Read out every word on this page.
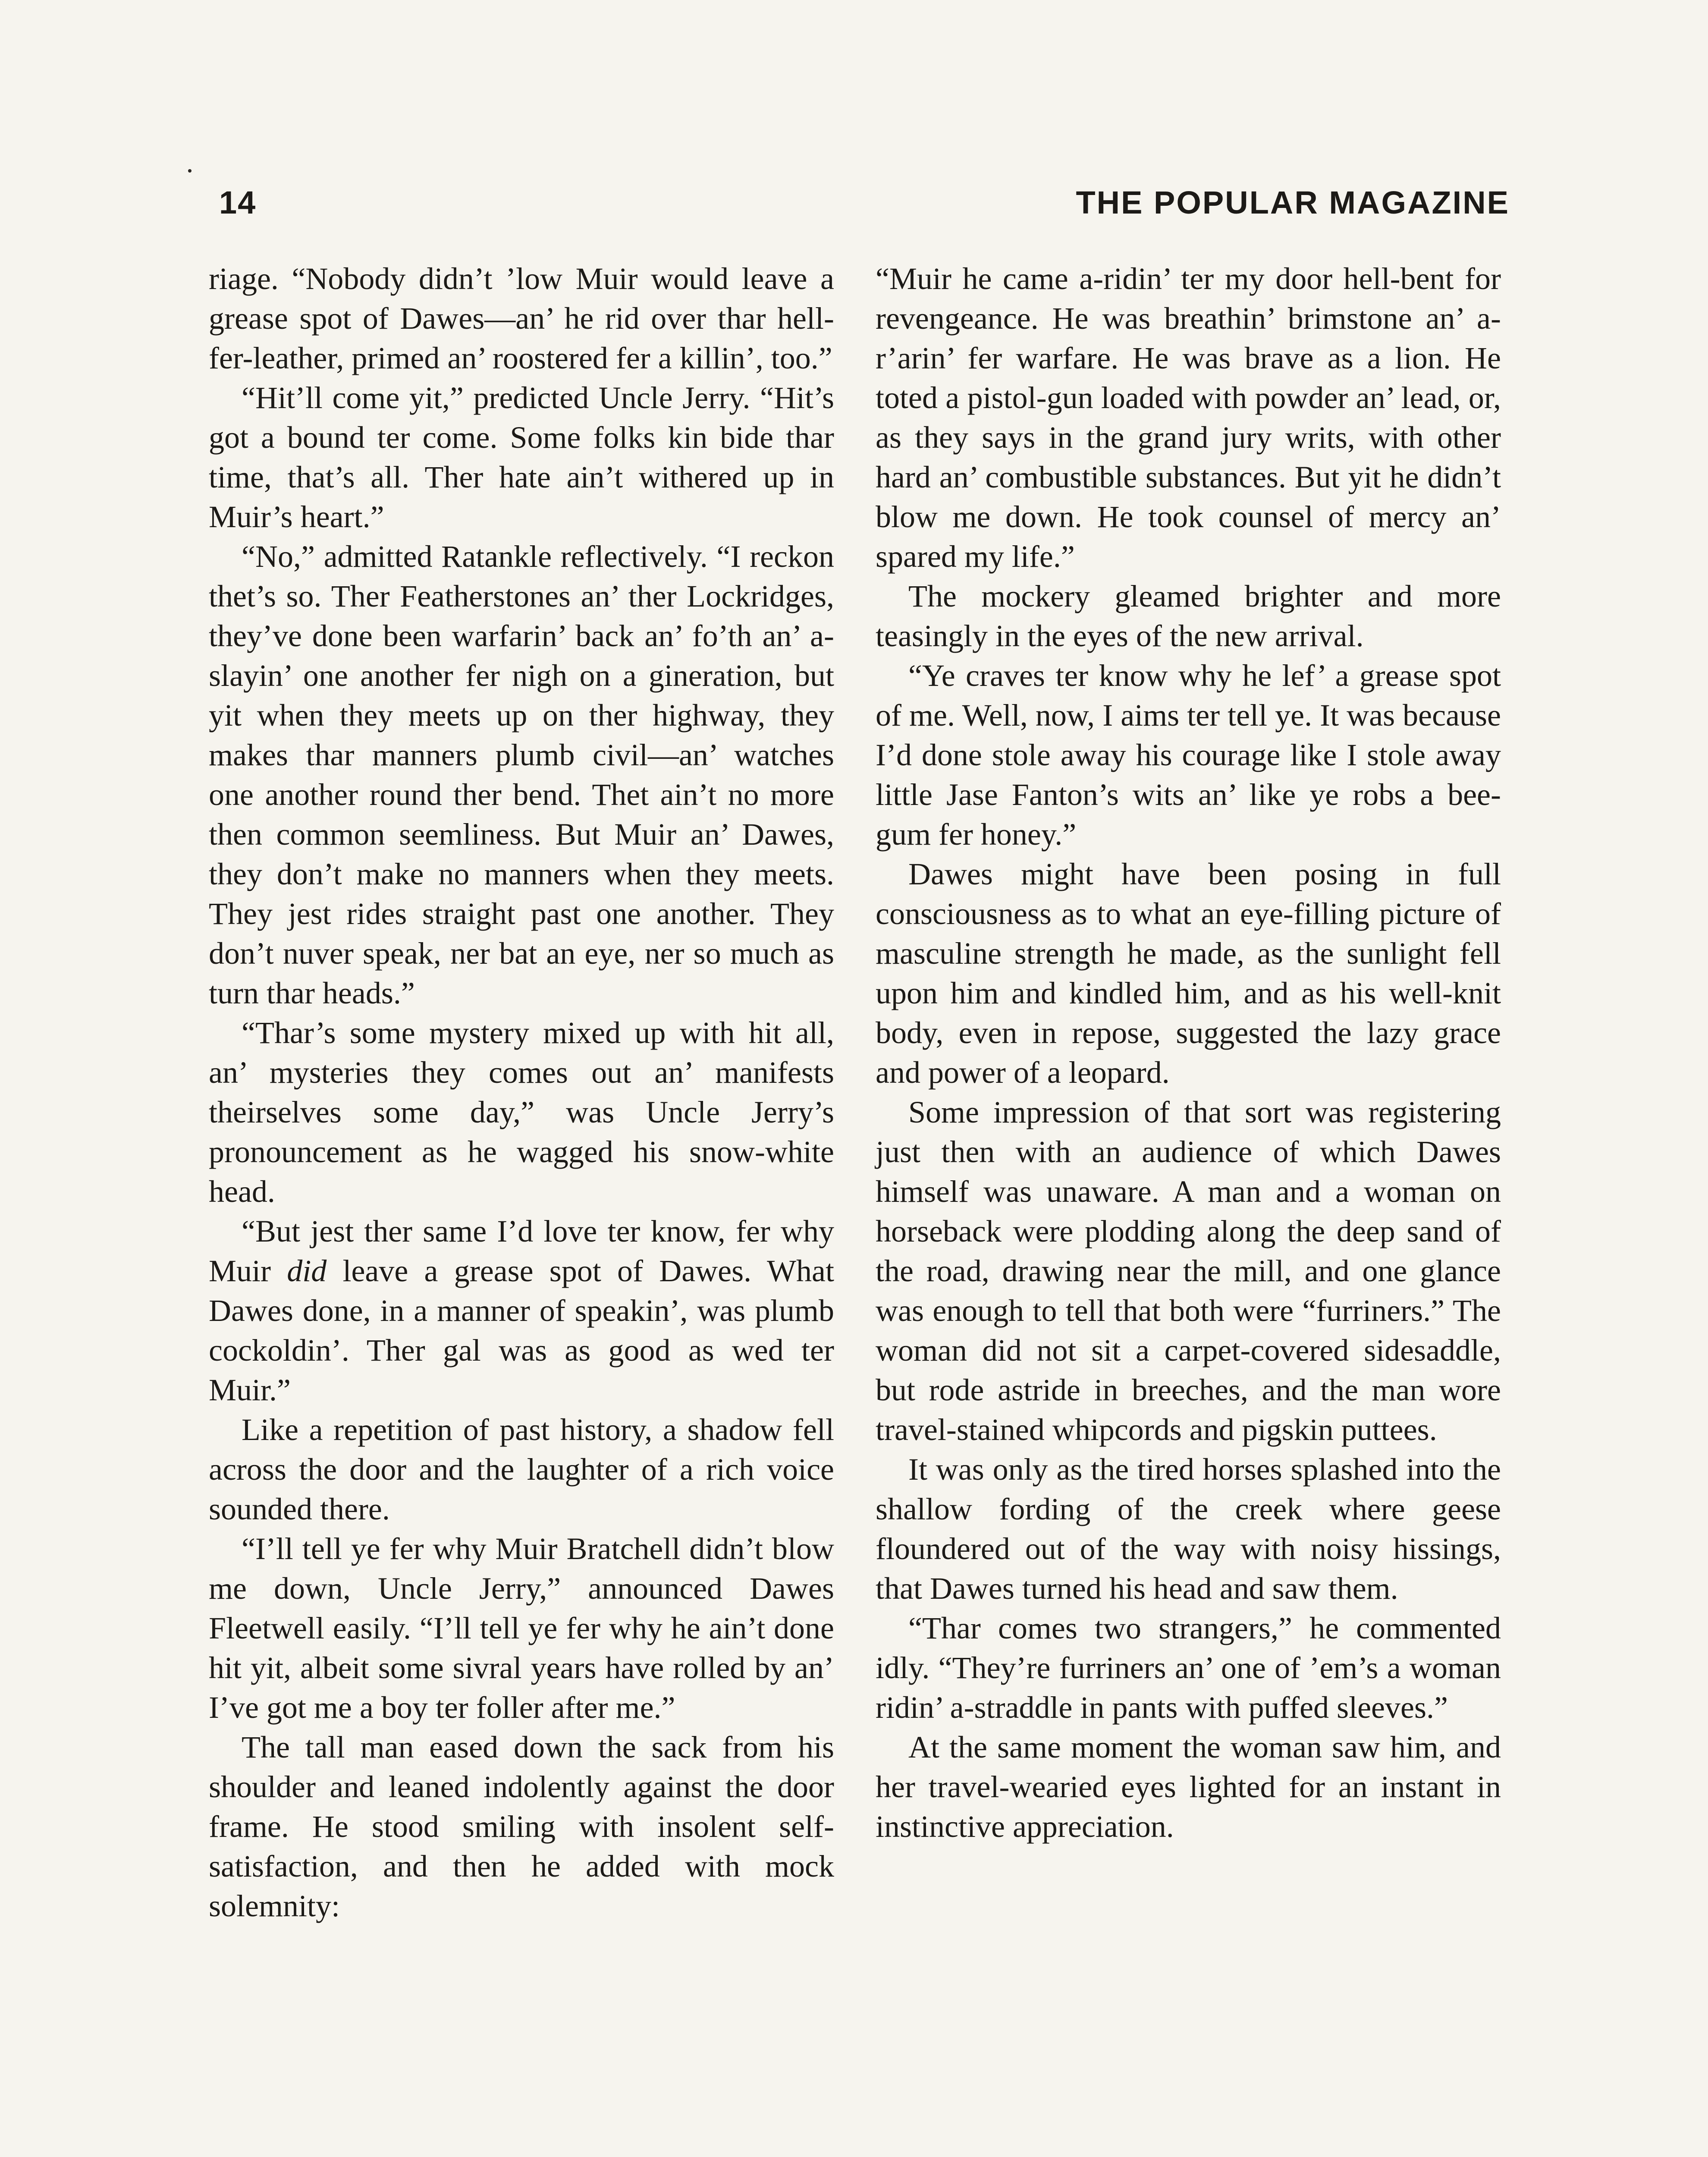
14	THE POPULAR MAGAZINE

riage. “Nobody didn’t ’low Muir would leave a grease spot of Dawes—an’ he rid over thar hell-fer-leather, primed an’ roostered fer a killin’, too.”

“Hit’ll come yit,” predicted Uncle Jerry. “Hit’s got a bound ter come. Some folks kin bide thar time, that’s all. Ther hate ain’t withered up in Muir’s heart.”

“No,” admitted Ratankle reflectively. “I reckon thet’s so. Ther Featherstones an’ ther Lockridges, they’ve done been warfarin’ back an’ fo’th an’ a-slayin’ one another fer nigh on a gineration, but yit when they meets up on ther highway, they makes thar manners plumb civil—an’ watches one another round ther bend. Thet ain’t no more then common seemliness. But Muir an’ Dawes, they don’t make no manners when they meets. They jest rides straight past one another. They don’t nuver speak, ner bat an eye, ner so much as turn thar heads.”

“Thar’s some mystery mixed up with hit all, an’ mysteries they comes out an’ manifests theirselves some day,” was Uncle Jerry’s pronouncement as he wagged his snow-white head.

“But jest ther same I’d love ter know, fer why Muir did leave a grease spot of Dawes. What Dawes done, in a manner of speakin’, was plumb cockoldin’. Ther gal was as good as wed ter Muir.”

Like a repetition of past history, a shadow fell across the door and the laughter of a rich voice sounded there.

“I’ll tell ye fer why Muir Bratchell didn’t blow me down, Uncle Jerry,” announced Dawes Fleetwell easily. “I’ll tell ye fer why he ain’t done hit yit, albeit some sivral years have rolled by an’ I’ve got me a boy ter foller after me.”

The tall man eased down the sack from his shoulder and leaned indolently against the door frame. He stood smiling with insolent self-satisfaction, and then he added with mock solemnity:

“Muir he came a-ridin’ ter my door hell-bent for revengeance. He was breathin’ brimstone an’ a-r’arin’ fer warfare. He was brave as a lion. He toted a pistol-gun loaded with powder an’ lead, or, as they says in the grand jury writs, with other hard an’ combustible substances. But yit he didn’t blow me down. He took counsel of mercy an’ spared my life.”

The mockery gleamed brighter and more teasingly in the eyes of the new arrival.

“Ye craves ter know why he lef’ a grease spot of me. Well, now, I aims ter tell ye. It was because I’d done stole away his courage like I stole away little Jase Fanton’s wits an’ like ye robs a bee-gum fer honey.”

Dawes might have been posing in full consciousness as to what an eye-filling picture of masculine strength he made, as the sunlight fell upon him and kindled him, and as his well-knit body, even in repose, suggested the lazy grace and power of a leopard.

Some impression of that sort was registering just then with an audience of which Dawes himself was unaware. A man and a woman on horseback were plodding along the deep sand of the road, drawing near the mill, and one glance was enough to tell that both were “furriners.” The woman did not sit a carpet-covered sidesaddle, but rode astride in breeches, and the man wore travel-stained whipcords and pigskin puttees.

It was only as the tired horses splashed into the shallow fording of the creek where geese floundered out of the way with noisy hissings, that Dawes turned his head and saw them.

“Thar comes two strangers,” he commented idly. “They’re furriners an’ one of ’em’s a woman ridin’ a-straddle in pants with puffed sleeves.”

At the same moment the woman saw him, and her travel-wearied eyes lighted for an instant in instinctive appreciation.
